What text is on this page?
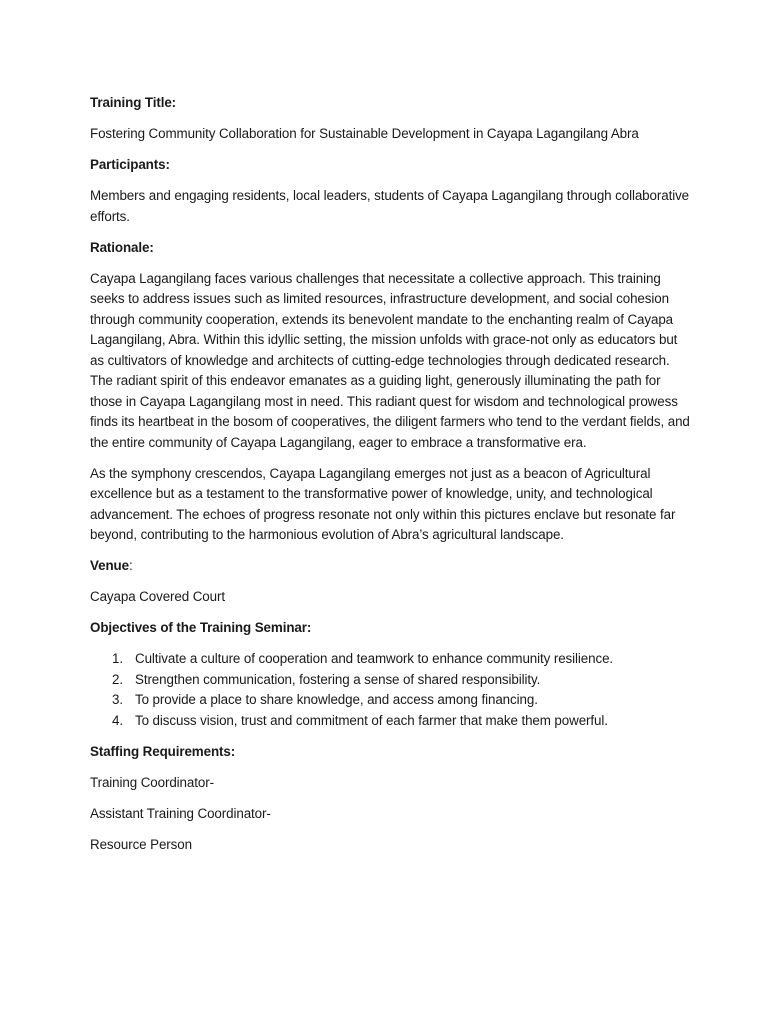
Training Title:

Fostering Community Collaboration for Sustainable Development in Cayapa Lagangilang Abra

Participants:

Members and engaging residents, local leaders, students of Cayapa Lagangilang through collaborative efforts.

Rationale:

Cayapa Lagangilang faces various challenges that necessitate a collective approach. This training seeks to address issues such as limited resources, infrastructure development, and social cohesion through community cooperation, extends its benevolent mandate to the enchanting realm of Cayapa Lagangilang, Abra. Within this idyllic setting, the mission unfolds with grace-not only as educators but as cultivators of knowledge and architects of cutting-edge technologies through dedicated research. The radiant spirit of this endeavor emanates as a guiding light, generously illuminating the path for those in Cayapa Lagangilang most in need. This radiant quest for wisdom and technological prowess finds its heartbeat in the bosom of cooperatives, the diligent farmers who tend to the verdant fields, and the entire community of Cayapa Lagangilang, eager to embrace a transformative era.

As the symphony crescendos, Cayapa Lagangilang emerges not just as a beacon of Agricultural excellence but as a testament to the transformative power of knowledge, unity, and technological advancement. The echoes of progress resonate not only within this pictures enclave but resonate far beyond, contributing to the harmonious evolution of Abra’s agricultural landscape.

Venue:

Cayapa Covered Court

Objectives of the Training Seminar:

1. Cultivate a culture of cooperation and teamwork to enhance community resilience.
2. Strengthen communication, fostering a sense of shared responsibility.
3. To provide a place to share knowledge, and access among financing.
4. To discuss vision, trust and commitment of each farmer that make them powerful.

Staffing Requirements:

Training Coordinator-

Assistant Training Coordinator-

Resource Person
